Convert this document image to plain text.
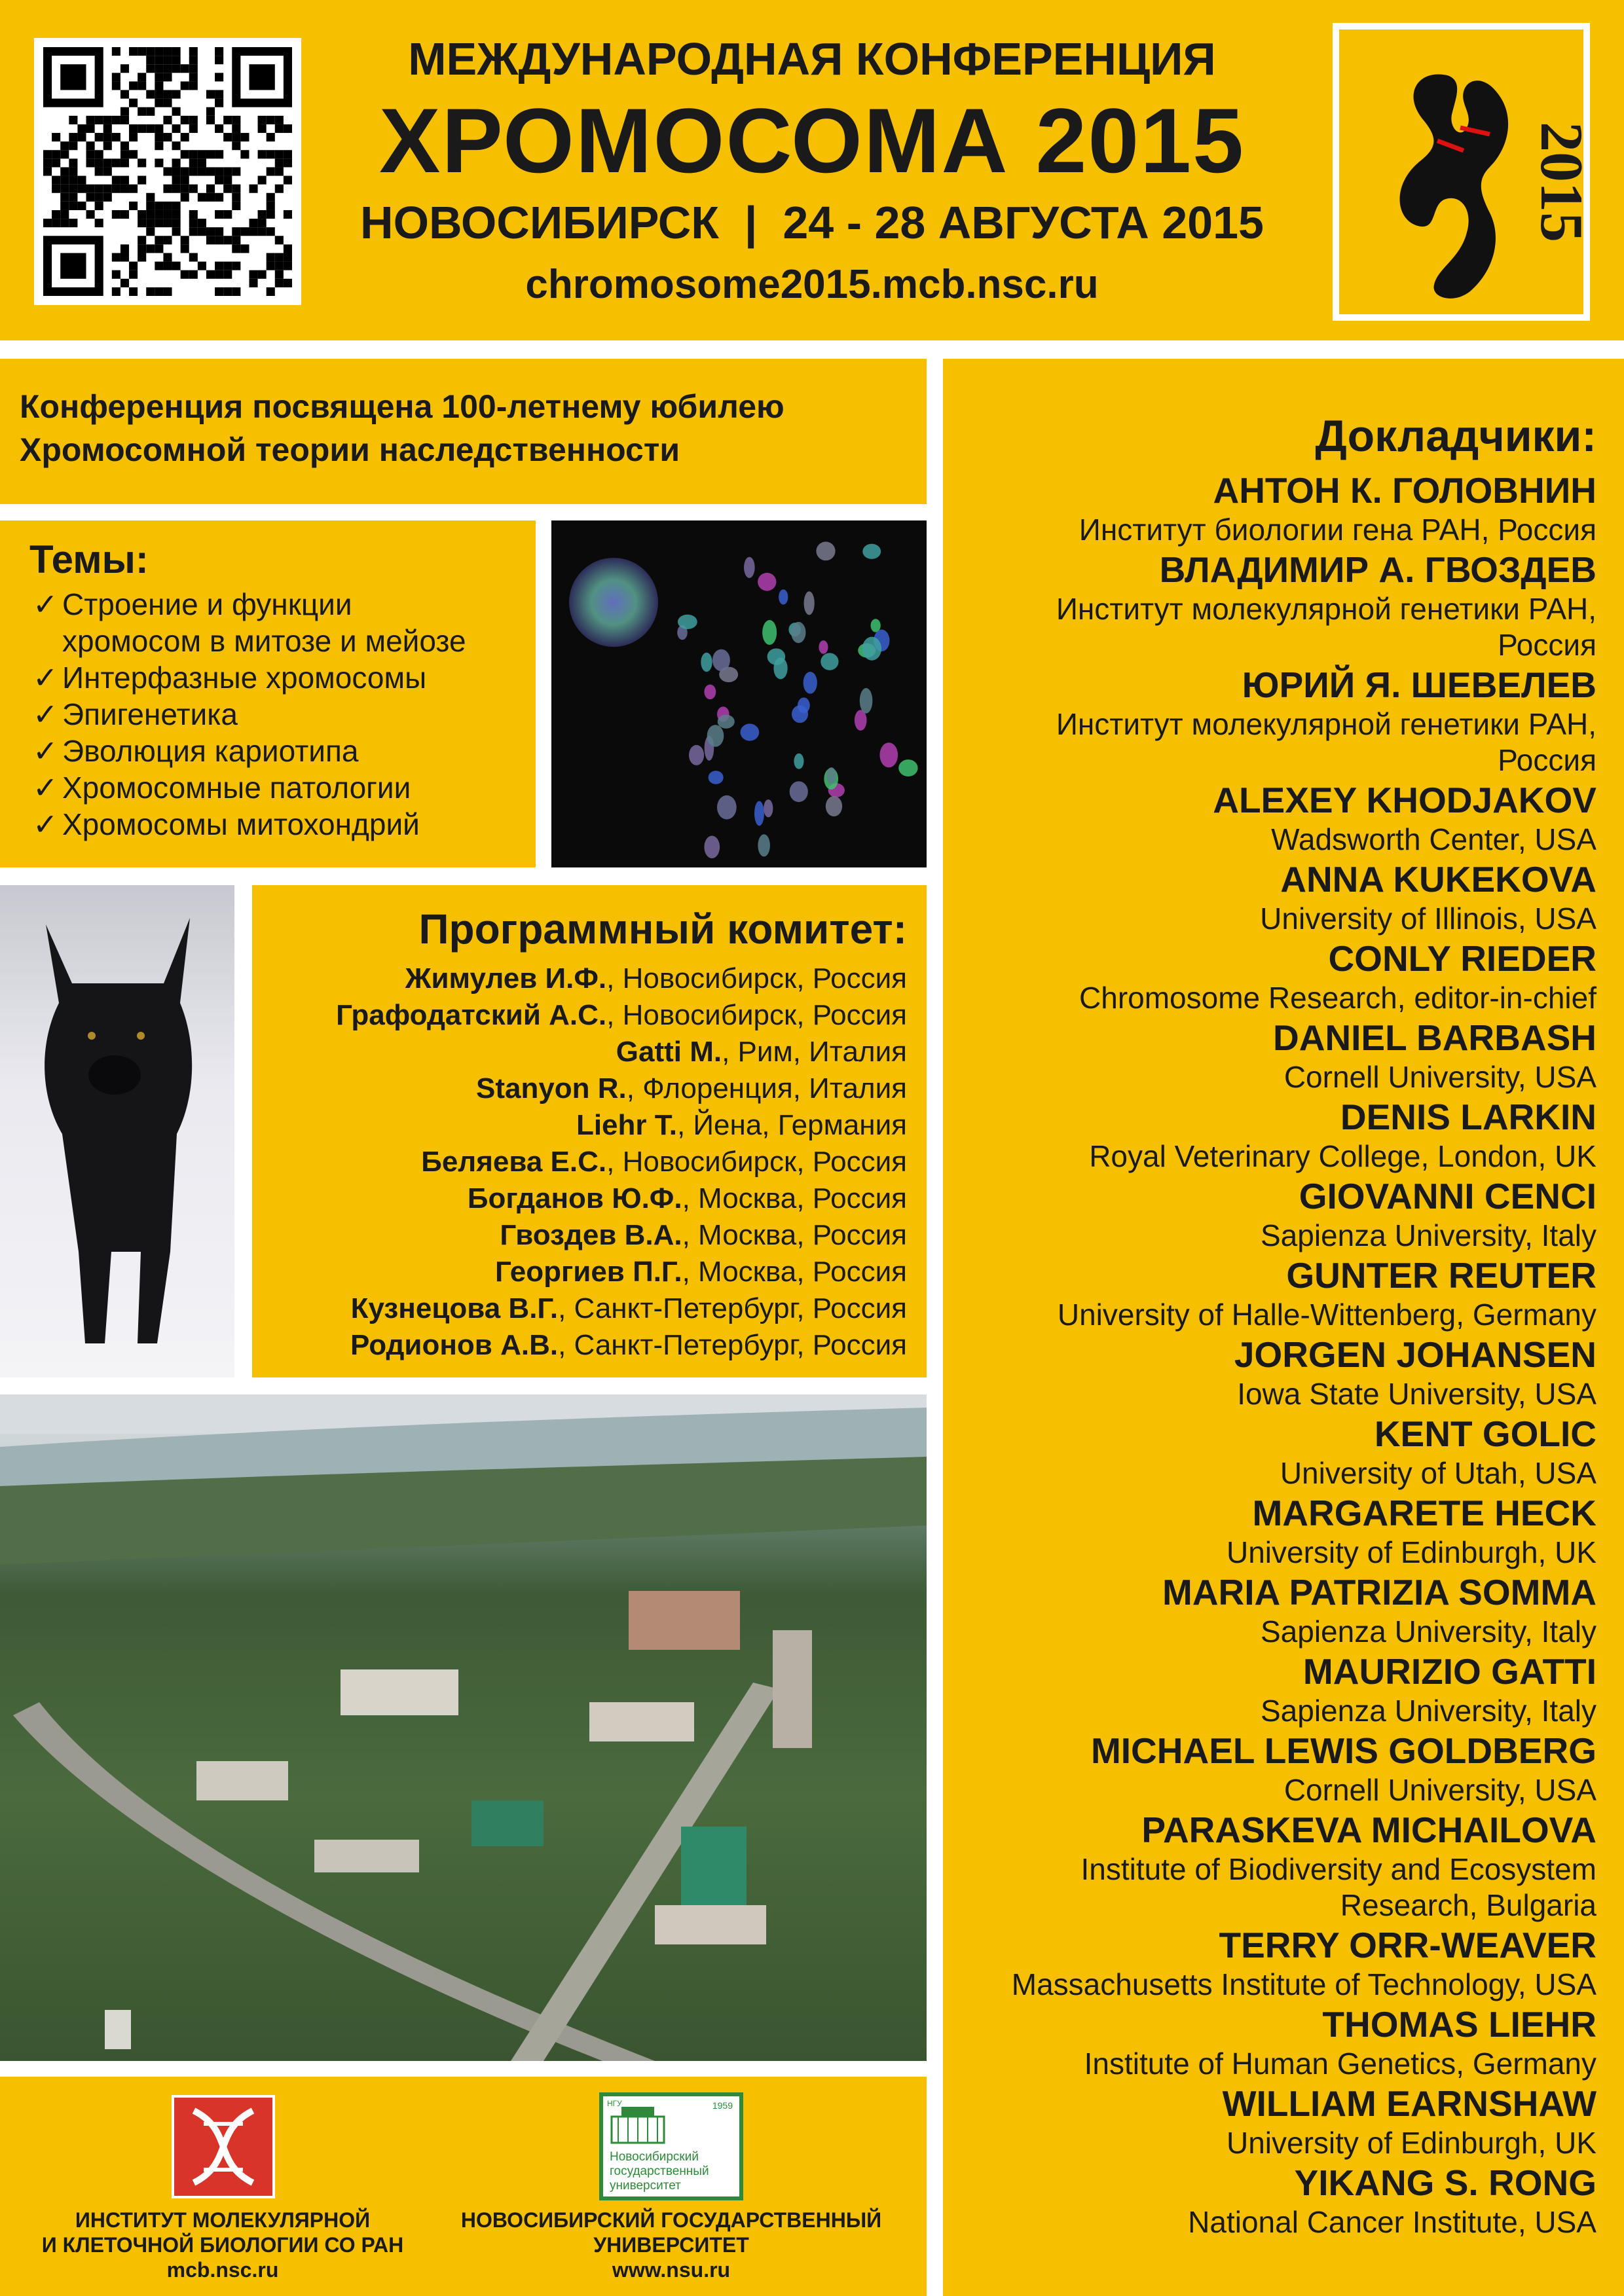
МЕЖДУНАРОДНАЯ КОНФЕРЕНЦИЯ
ХРОМОСОМА 2015
НОВОСИБИРСК  |  24 - 28 АВГУСТА 2015
chromosome2015.mcb.nsc.ru
2015
Конференция посвящена 100-летнему юбилею
Хромосомной теории наследственности
Темы:
✓ Строение и функции
хромосом в митозе и мейозе
✓ Интерфазные хромосомы
✓ Эпигенетика
✓ Эволюция кариотипа
✓ Хромосомные патологии
✓ Хромосомы митохондрий
Программный комитет:
Жимулев И.Ф., Новосибирск, Россия
Графодатский А.С., Новосибирск, Россия
Gatti M., Рим, Италия
Stanyon R., Флоренция, Италия
Liehr T., Йена, Германия
Беляева Е.С., Новосибирск, Россия
Богданов Ю.Ф., Москва, Россия
Гвоздев В.А., Москва, Россия
Георгиев П.Г., Москва, Россия
Кузнецова В.Г., Санкт-Петербург, Россия
Родионов А.В., Санкт-Петербург, Россия
ИНСТИТУТ МОЛЕКУЛЯРНОЙ
И КЛЕТОЧНОЙ БИОЛОГИИ СО РАН
mcb.nsc.ru
НГУ	1959
Новосибирский
государственный
университет
НОВОСИБИРСКИЙ ГОСУДАРСТВЕННЫЙ
УНИВЕРСИТЕТ
www.nsu.ru
Докладчики:
АНТОН К. ГОЛОВНИН
Институт биологии гена РАН, Россия
ВЛАДИМИР А. ГВОЗДЕВ
Институт молекулярной генетики РАН,
Россия
ЮРИЙ Я. ШЕВЕЛЕВ
Институт молекулярной генетики РАН,
Россия
ALEXEY KHODJAKOV
Wadsworth Center, USA
ANNA KUKEKOVA
University of Illinois, USA
CONLY RIEDER
Chromosome Research, editor-in-chief
DANIEL BARBASH
Cornell University, USA
DENIS LARKIN
Royal Veterinary College, London, UK
GIOVANNI CENCI
Sapienza University, Italy
GUNTER REUTER
University of Halle-Wittenberg, Germany
JORGEN JOHANSEN
Iowa State University, USA
KENT GOLIC
University of Utah, USA
MARGARETE HECK
University of Edinburgh, UK
MARIA PATRIZIA SOMMA
Sapienza University, Italy
MAURIZIO GATTI
Sapienza University, Italy
MICHAEL LEWIS GOLDBERG
Cornell University, USA
PARASKEVA MICHAILOVA
Institute of Biodiversity and Ecosystem
Research, Bulgaria
TERRY ORR-WEAVER
Massachusetts Institute of Technology, USA
THOMAS LIEHR
Institute of Human Genetics, Germany
WILLIAM EARNSHAW
University of Edinburgh, UK
YIKANG S. RONG
National Cancer Institute, USA
